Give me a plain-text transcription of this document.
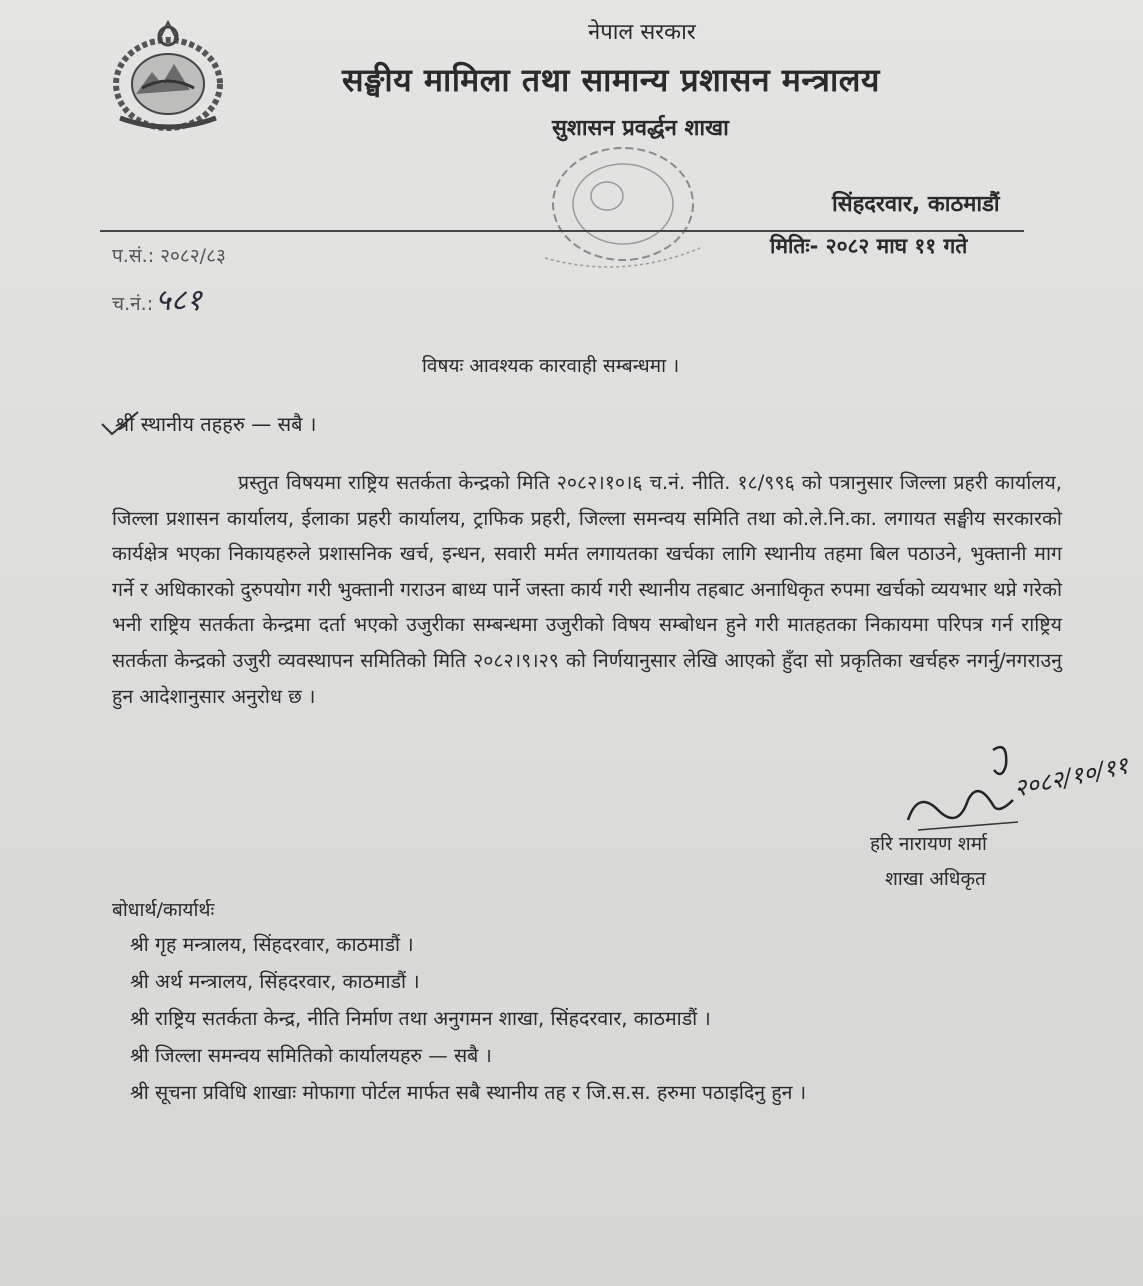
नेपाल सरकार
सङ्घीय मामिला तथा सामान्य प्रशासन मन्त्रालय
सुशासन प्रवर्द्धन शाखा
सिंहदरवार, काठमाडौं
प.सं.: २०८२/८३	मितिः- २०८२ माघ ११ गते
च.नं.:५८१
विषयः आवश्यक कारवाही सम्बन्धमा ।
श्री स्थानीय तहहरु — सबै ।
प्रस्तुत विषयमा राष्ट्रिय सतर्कता केन्द्रको मिति २०८२।१०।६ च.नं. नीति. १८/९९६ को पत्रानुसार जिल्ला प्रहरी कार्यालय, जिल्ला प्रशासन कार्यालय, ईलाका प्रहरी कार्यालय, ट्राफिक प्रहरी, जिल्ला समन्वय समिति तथा को.ले.नि.का. लगायत सङ्घीय सरकारको कार्यक्षेत्र भएका निकायहरुले प्रशासनिक खर्च, इन्धन, सवारी मर्मत लगायतका खर्चका लागि स्थानीय तहमा बिल पठाउने, भुक्तानी माग गर्ने र अधिकारको दुरुपयोग गरी भुक्तानी गराउन बाध्य पार्ने जस्ता कार्य गरी स्थानीय तहबाट अनाधिकृत रुपमा खर्चको व्ययभार थप्ने गरेको भनी राष्ट्रिय सतर्कता केन्द्रमा दर्ता भएको उजुरीका सम्बन्धमा उजुरीको विषय सम्बोधन हुने गरी मातहतका निकायमा परिपत्र गर्न राष्ट्रिय सतर्कता केन्द्रको उजुरी व्यवस्थापन समितिको मिति २०८२।९।२९ को निर्णयानुसार लेखि आएको हुँदा सो प्रकृतिका खर्चहरु नगर्नु/नगराउनु हुन आदेशानुसार अनुरोध छ ।
२०८२/१०/११
हरि नारायण शर्मा
शाखा अधिकृत
बोधार्थ/कार्यार्थः
श्री गृह मन्त्रालय, सिंहदरवार, काठमाडौं ।
श्री अर्थ मन्त्रालय, सिंहदरवार, काठमाडौं ।
श्री राष्ट्रिय सतर्कता केन्द्र, नीति निर्माण तथा अनुगमन शाखा, सिंहदरवार, काठमाडौं ।
श्री जिल्ला समन्वय समितिको कार्यालयहरु — सबै ।
श्री सूचना प्रविधि शाखाः मोफागा पोर्टल मार्फत सबै स्थानीय तह र जि.स.स. हरुमा पठाइदिनु हुन ।
